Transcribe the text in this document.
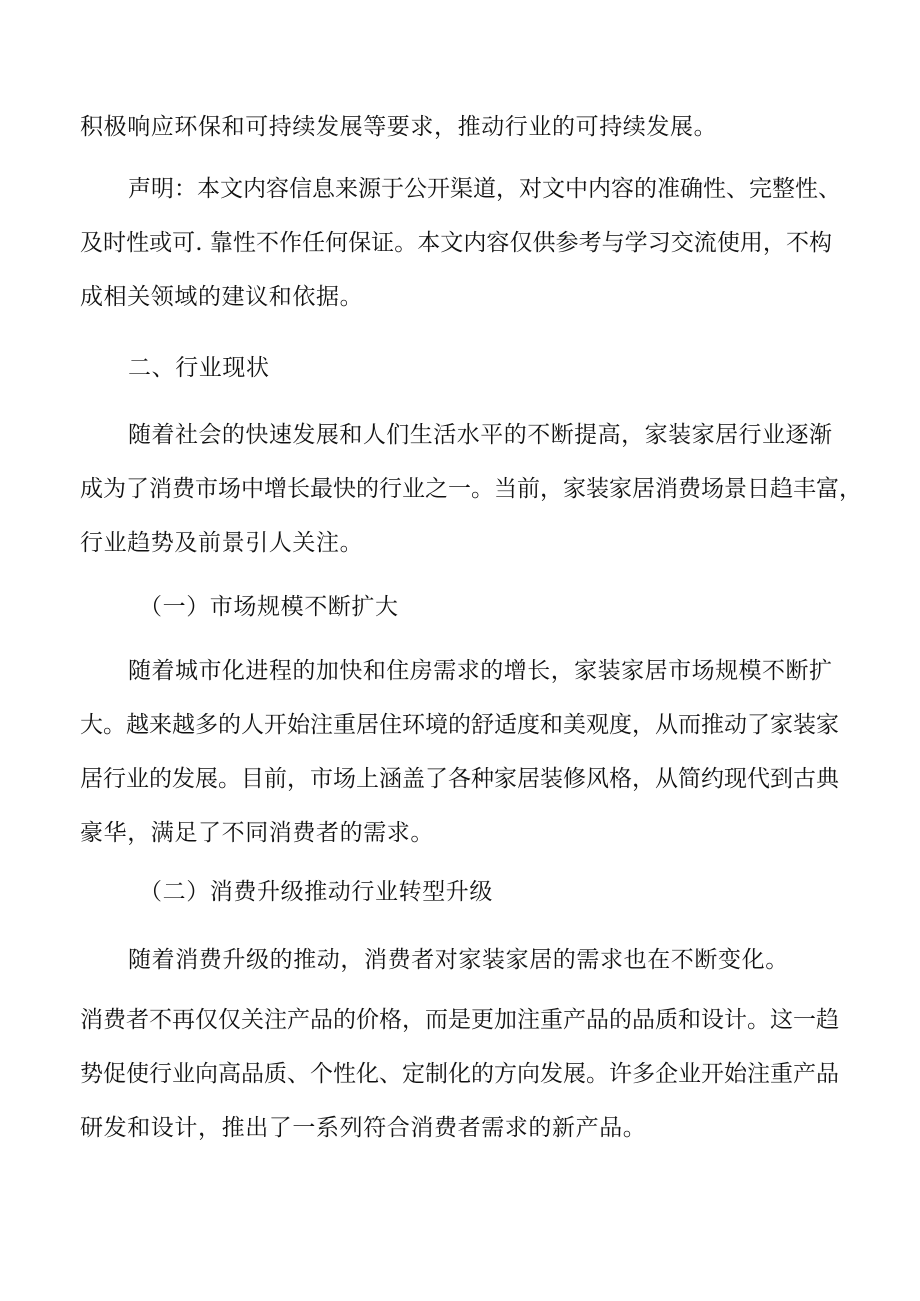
积极响应环保和可持续发展等要求，推动行业的可持续发展。
声明：本文内容信息来源于公开渠道，对文中内容的准确性、完整性、
及时性或可. 靠性不作任何保证。本文内容仅供参考与学习交流使用，不构
成相关领域的建议和依据。
二、行业现状
随着社会的快速发展和人们生活水平的不断提高，家装家居行业逐渐
成为了消费市场中增长最快的行业之一。当前，家装家居消费场景日趋丰富，
行业趋势及前景引人关注。
（一）市场规模不断扩大
随着城市化进程的加快和住房需求的增长，家装家居市场规模不断扩
大。越来越多的人开始注重居住环境的舒适度和美观度，从而推动了家装家
居行业的发展。目前，市场上涵盖了各种家居装修风格，从简约现代到古典
豪华，满足了不同消费者的需求。
（二）消费升级推动行业转型升级
随着消费升级的推动，消费者对家装家居的需求也在不断变化。
消费者不再仅仅关注产品的价格，而是更加注重产品的品质和设计。这一趋
势促使行业向高品质、个性化、定制化的方向发展。许多企业开始注重产品
研发和设计，推出了一系列符合消费者需求的新产品。
